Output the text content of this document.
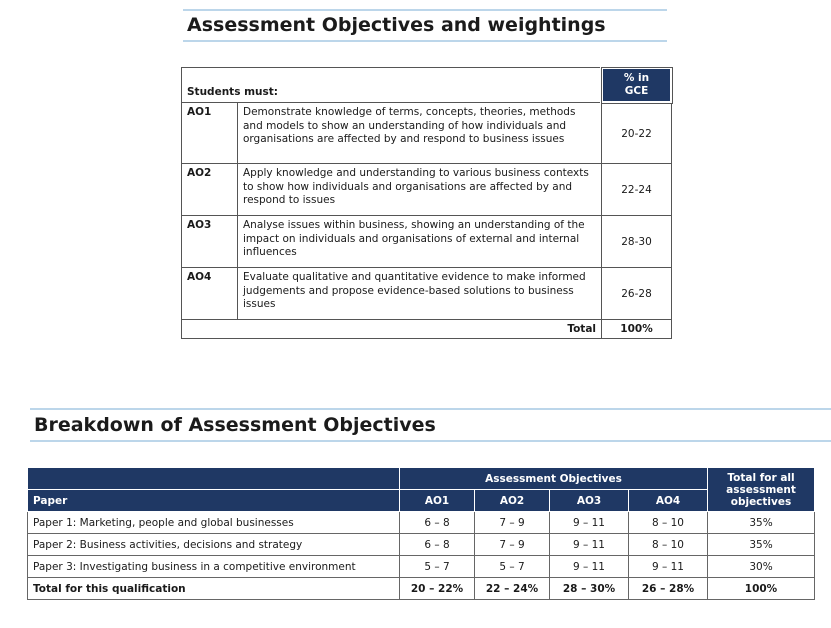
Assessment Objectives and weightings
Students must:		% in
GCE

AO1	Demonstrate knowledge of terms, concepts, theories, methods and models to show an understanding of how individuals and organisations are affected by and respond to business issues	20-22
AO2	Apply knowledge and understanding to various business contexts to show how individuals and organisations are affected by and respond to issues	22-24
AO3	Analyse issues within business, showing an understanding of the impact on individuals and organisations of external and internal influences	28-30
AO4	Evaluate qualitative and quantitative evidence to make informed judgements and propose evidence-based solutions to business issues	26-28
Total		100%
Breakdown of Assessment Objectives
	Assessment Objectives				Total for all
assessment
objectives

Paper	AO1	AO2	AO3	AO4	
Paper 1: Marketing, people and global businesses	6 – 8	7 – 9	9 – 11	8 – 10	35%
Paper 2: Business activities, decisions and strategy	6 – 8	7 – 9	9 – 11	8 – 10	35%
Paper 3: Investigating business in a competitive environment	5 – 7	5 – 7	9 – 11	9 – 11	30%
Total for this qualification	20 – 22%	22 – 24%	28 – 30%	26 – 28%	100%
